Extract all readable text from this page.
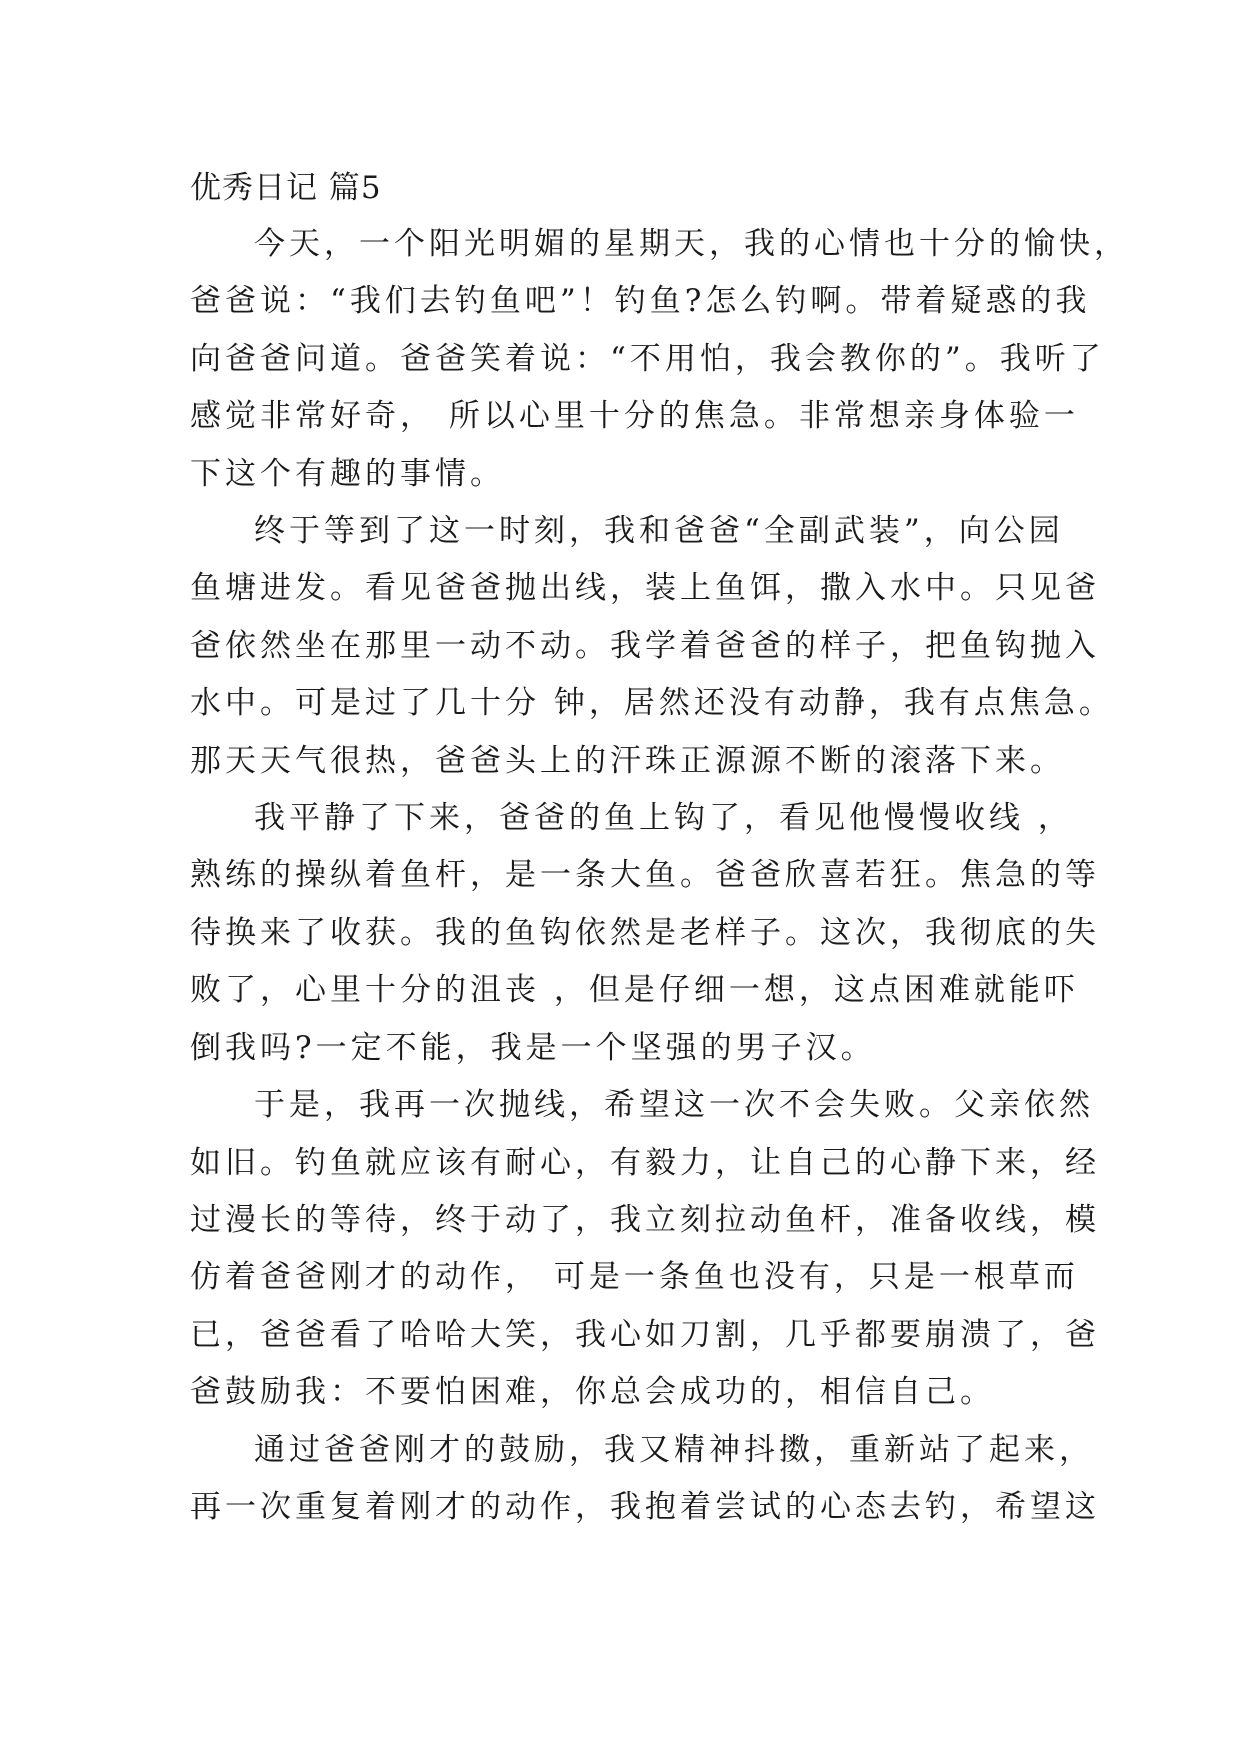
优秀日记 篇5
今天，一个阳光明媚的星期天，我的心情也十分的愉快，
爸爸说：“我们去钓鱼吧”！钓鱼?怎么钓啊。带着疑惑的我
向爸爸问道。爸爸笑着说：“不用怕，我会教你的”。我听了
感觉非常好奇， 所以心里十分的焦急。非常想亲身体验一
下这个有趣的事情。
终于等到了这一时刻，我和爸爸“全副武装”，向公园
鱼塘进发。看见爸爸抛出线，装上鱼饵，撒入水中。只见爸
爸依然坐在那里一动不动。我学着爸爸的样子，把鱼钩抛入
水中。可是过了几十分 钟，居然还没有动静，我有点焦急。
那天天气很热，爸爸头上的汗珠正源源不断的滚落下来。
我平静了下来，爸爸的鱼上钩了，看见他慢慢收线 ，
熟练的操纵着鱼杆，是一条大鱼。爸爸欣喜若狂。焦急的等
待换来了收获。我的鱼钩依然是老样子。这次，我彻底的失
败了，心里十分的沮丧 ，但是仔细一想，这点困难就能吓
倒我吗?一定不能，我是一个坚强的男子汉。
于是，我再一次抛线，希望这一次不会失败。父亲依然
如旧。钓鱼就应该有耐心，有毅力，让自己的心静下来，经
过漫长的等待，终于动了，我立刻拉动鱼杆，准备收线，模
仿着爸爸刚才的动作， 可是一条鱼也没有，只是一根草而
已，爸爸看了哈哈大笑，我心如刀割，几乎都要崩溃了，爸
爸鼓励我：不要怕困难，你总会成功的，相信自己。
通过爸爸刚才的鼓励，我又精神抖擞，重新站了起来，
再一次重复着刚才的动作，我抱着尝试的心态去钓，希望这
